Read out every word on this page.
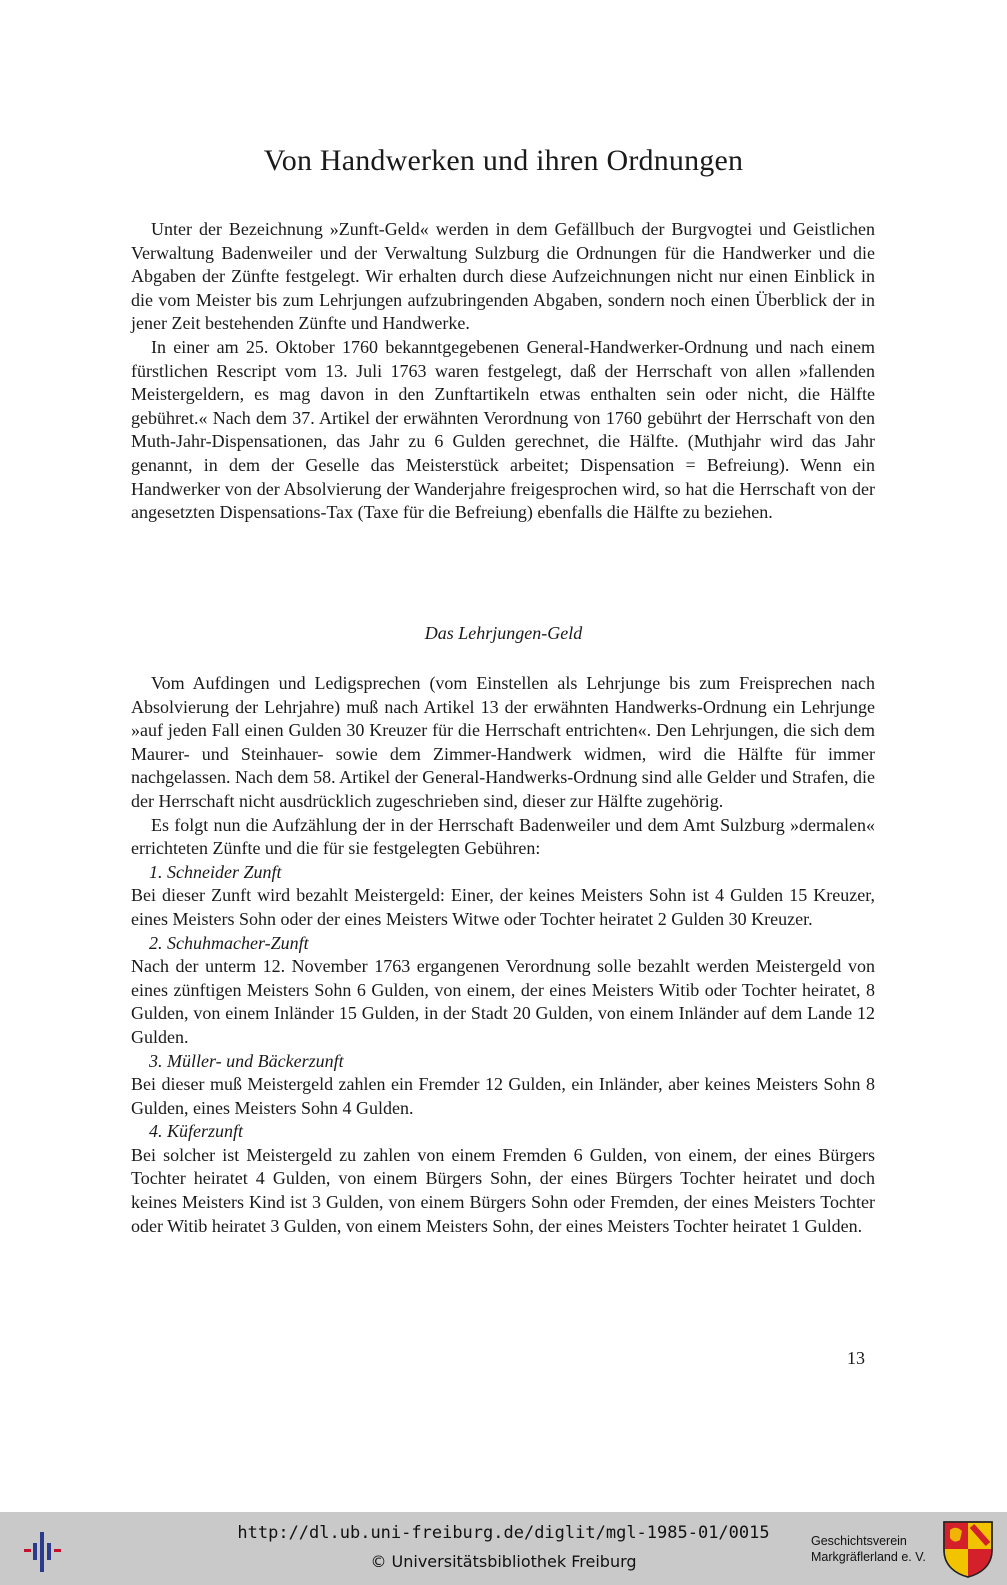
Von Handwerken und ihren Ordnungen

Unter der Bezeichnung »Zunft-Geld« werden in dem Gefällbuch der Burgvogtei und Geistlichen Verwaltung Badenweiler und der Verwaltung Sulzburg die Ordnungen für die Handwerker und die Abgaben der Zünfte festgelegt. Wir erhalten durch diese Aufzeichnungen nicht nur einen Einblick in die vom Meister bis zum Lehrjungen aufzubringenden Abgaben, sondern noch einen Überblick der in jener Zeit bestehenden Zünfte und Handwerke.

In einer am 25. Oktober 1760 bekanntgegebenen General-Handwerker-Ordnung und nach einem fürstlichen Rescript vom 13. Juli 1763 waren festgelegt, daß der Herrschaft von allen »fallenden Meistergeldern, es mag davon in den Zunftartikeln etwas enthalten sein oder nicht, die Hälfte gebühret.« Nach dem 37. Artikel der erwähnten Verordnung von 1760 gebührt der Herrschaft von den Muth-Jahr-Dispensationen, das Jahr zu 6 Gulden gerechnet, die Hälfte. (Muthjahr wird das Jahr genannt, in dem der Geselle das Meisterstück arbeitet; Dispensation = Befreiung). Wenn ein Handwerker von der Absolvierung der Wanderjahre freigesprochen wird, so hat die Herrschaft von der angesetzten Dispensations-Tax (Taxe für die Befreiung) ebenfalls die Hälfte zu beziehen.

Das Lehrjungen-Geld

Vom Aufdingen und Ledigsprechen (vom Einstellen als Lehrjunge bis zum Freisprechen nach Absolvierung der Lehrjahre) muß nach Artikel 13 der erwähnten Handwerks-Ordnung ein Lehrjunge »auf jeden Fall einen Gulden 30 Kreuzer für die Herrschaft entrichten«. Den Lehrjungen, die sich dem Maurer- und Steinhauer- sowie dem Zimmer-Handwerk widmen, wird die Hälfte für immer nachgelassen. Nach dem 58. Artikel der General-Handwerks-Ordnung sind alle Gelder und Strafen, die der Herrschaft nicht ausdrücklich zugeschrieben sind, dieser zur Hälfte zugehörig.

Es folgt nun die Aufzählung der in der Herrschaft Badenweiler und dem Amt Sulzburg »dermalen« errichteten Zünfte und die für sie festgelegten Gebühren:

1. Schneider Zunft

Bei dieser Zunft wird bezahlt Meistergeld: Einer, der keines Meisters Sohn ist 4 Gulden 15 Kreuzer, eines Meisters Sohn oder der eines Meisters Witwe oder Tochter heiratet 2 Gulden 30 Kreuzer.

2. Schuhmacher-Zunft

Nach der unterm 12. November 1763 ergangenen Verordnung solle bezahlt werden Meistergeld von eines zünftigen Meisters Sohn 6 Gulden, von einem, der eines Meisters Witib oder Tochter heiratet, 8 Gulden, von einem Inländer 15 Gulden, in der Stadt 20 Gulden, von einem Inländer auf dem Lande 12 Gulden.

3. Müller- und Bäckerzunft

Bei dieser muß Meistergeld zahlen ein Fremder 12 Gulden, ein Inländer, aber keines Meisters Sohn 8 Gulden, eines Meisters Sohn 4 Gulden.

4. Küferzunft

Bei solcher ist Meistergeld zu zahlen von einem Fremden 6 Gulden, von einem, der eines Bürgers Tochter heiratet 4 Gulden, von einem Bürgers Sohn, der eines Bürgers Tochter heiratet und doch keines Meisters Kind ist 3 Gulden, von einem Bürgers Sohn oder Fremden, der eines Meisters Tochter oder Witib heiratet 3 Gulden, von einem Meisters Sohn, der eines Meisters Tochter heiratet 1 Gulden.

13
http://dl.ub.uni-freiburg.de/diglit/mgl-1985-01/0015
© Universitätsbibliothek Freiburg
Geschichtsverein
Markgräflerland e. V.
